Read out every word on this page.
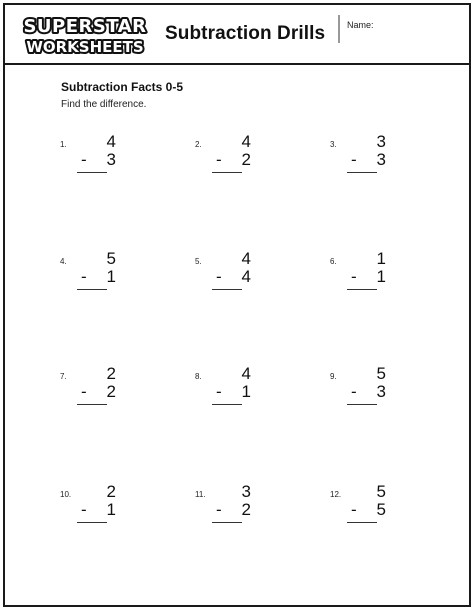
SUPERSTAR
WORKSHEETS
Subtraction Drills Name:
Subtraction Facts 0-5
Find the difference.
1.	4
-	3
2.	4
-	2
3.	3
-	3
4.	5
-	1
5.	4
-	4
6.	1
-	1
7.	2
-	2
8.	4
-	1
9.	5
-	3
10.	2
-	1
11.	3
-	2
12.	5
-	5
